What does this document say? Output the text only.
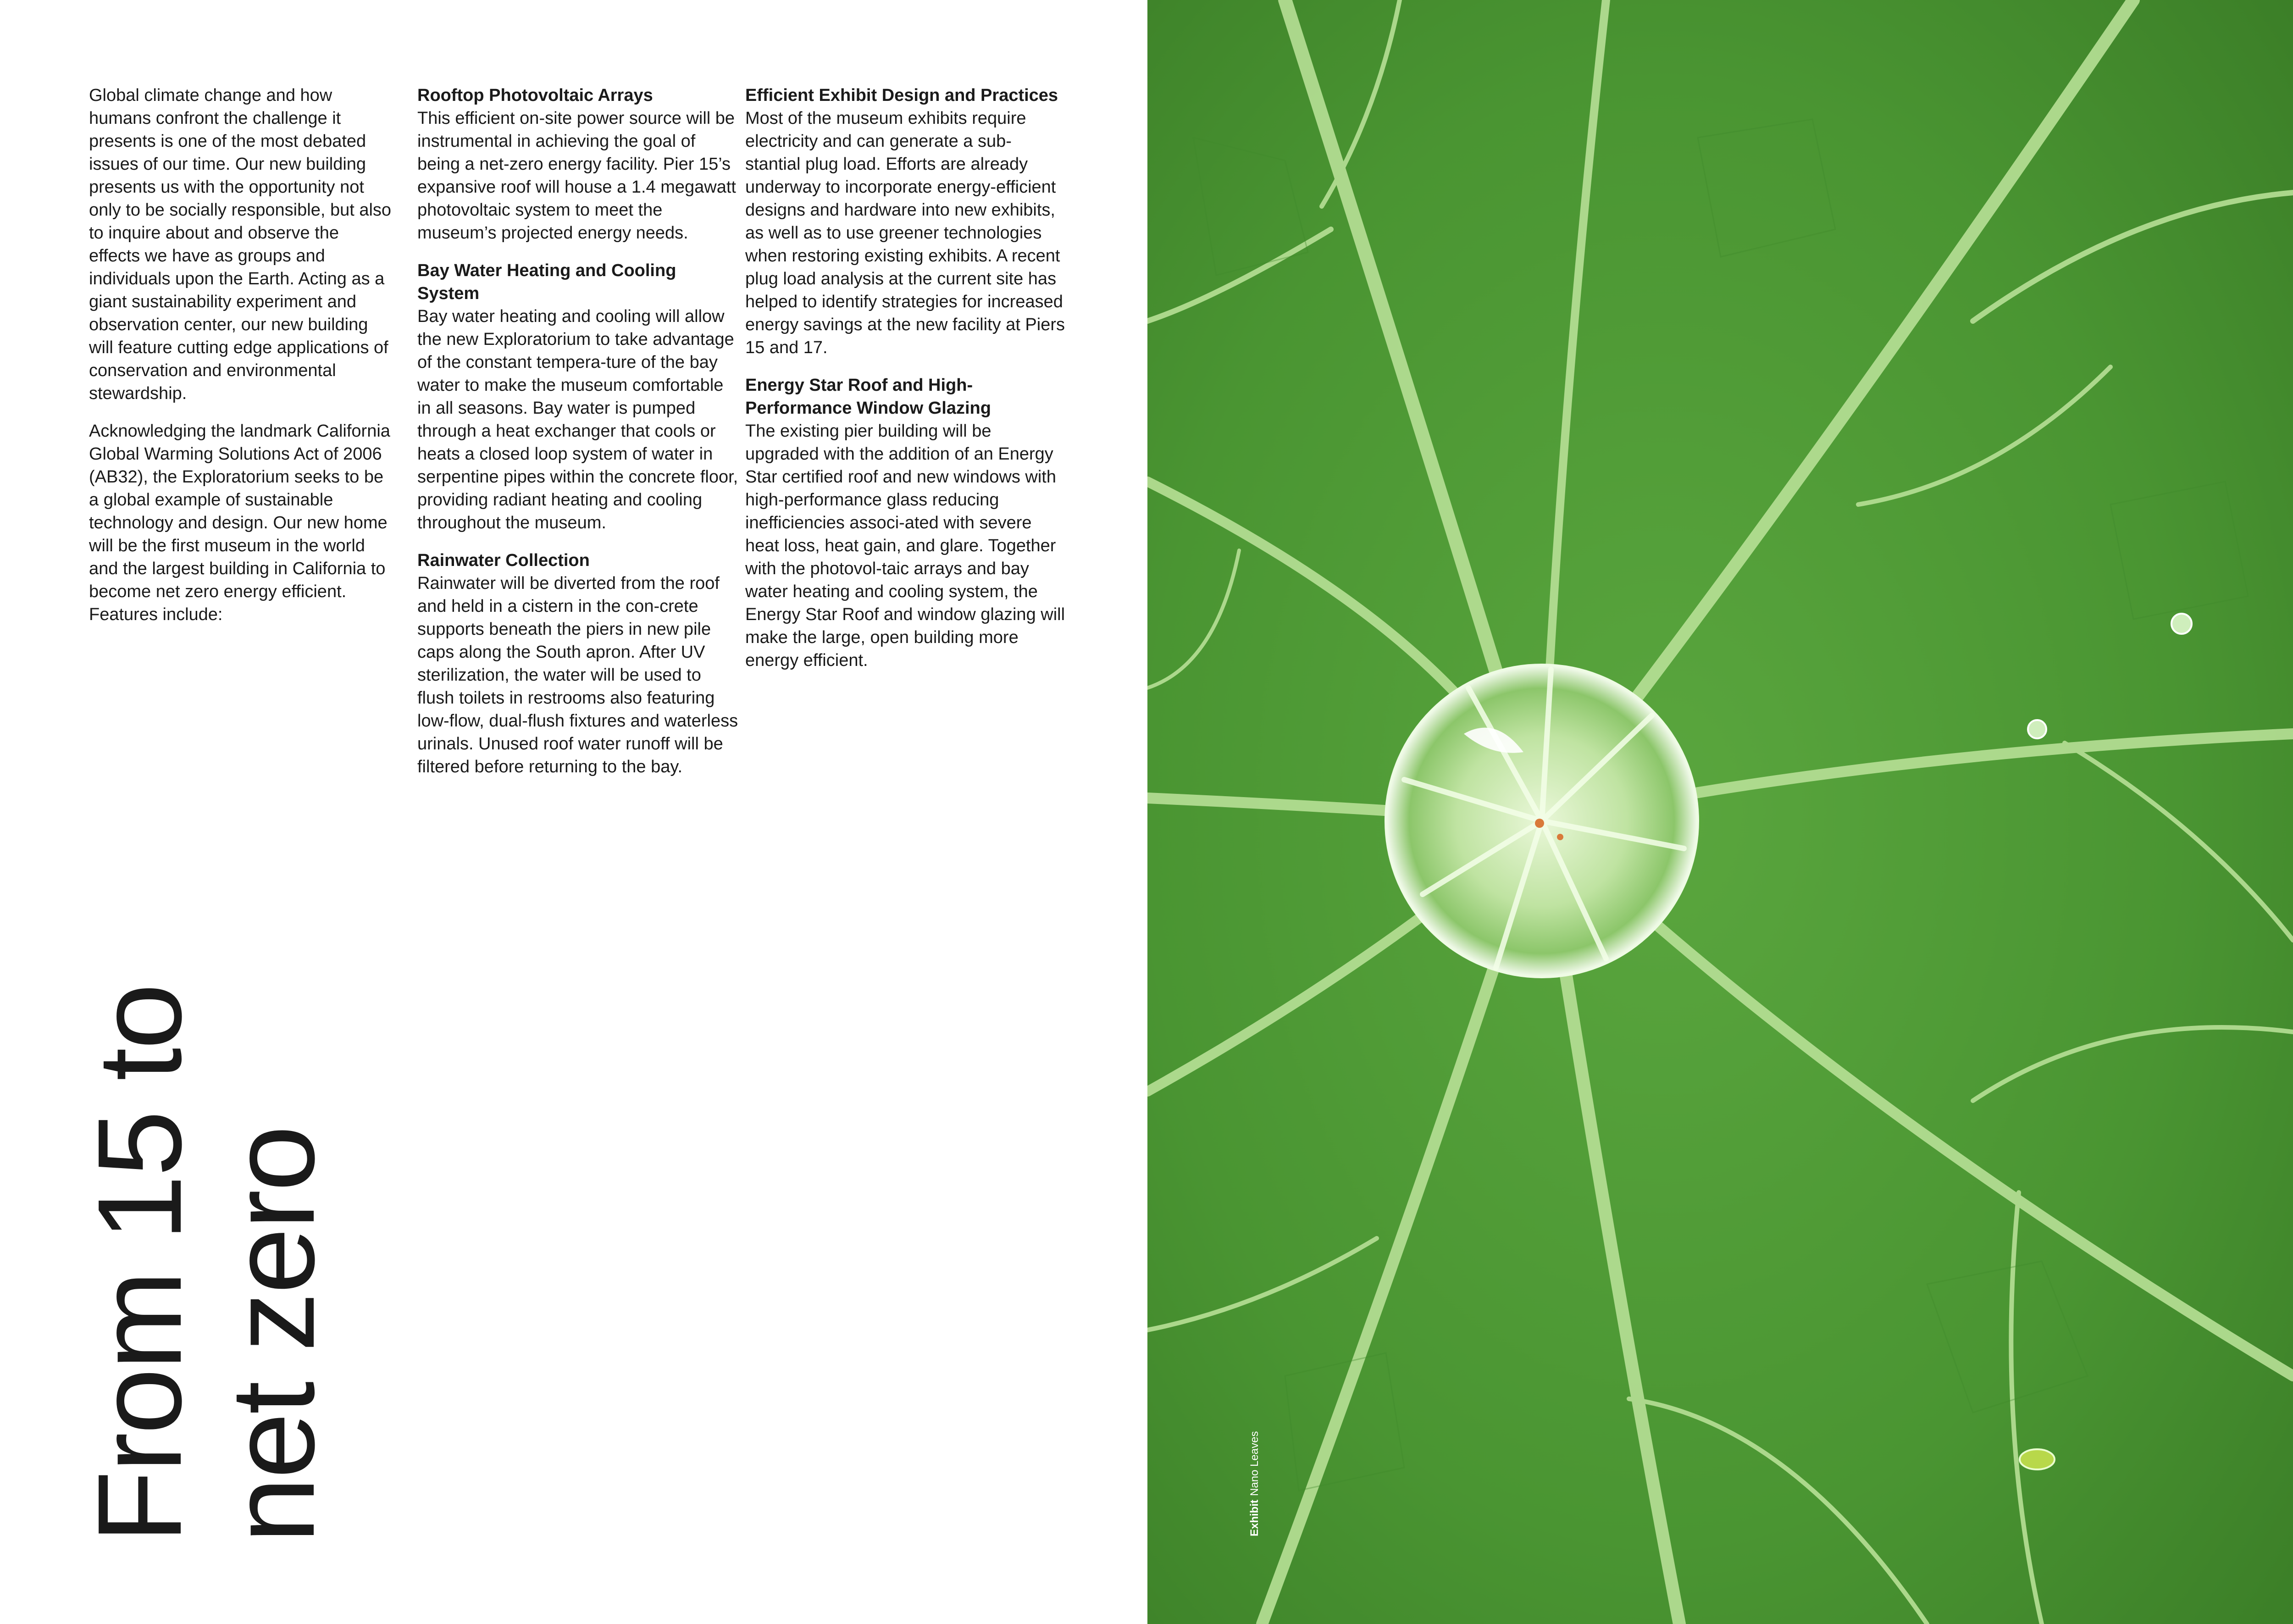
Global climate change and how humans confront the challenge it presents is one of the most debated issues of our time. Our new building presents us with the opportunity not only to be socially responsible, but also to inquire about and observe the effects we have as groups and individuals upon the Earth. Acting as a giant sustainability experiment and observation center, our new building will feature cutting edge applications of conservation and environmental stewardship.

Acknowledging the landmark California Global Warming Solutions Act of 2006 (AB32), the Exploratorium seeks to be a global example of sustainable technology and design. Our new home will be the first museum in the world and the largest building in California to become net zero energy efficient. Features include:

Rooftop Photovoltaic Arrays

This efficient on-site power source will be instrumental in achieving the goal of being a net-zero energy facility. Pier 15’s expansive roof will house a 1.4 megawatt photovoltaic system to meet the museum’s projected energy needs.

Bay Water Heating and Cooling System

Bay water heating and cooling will allow the new Exploratorium to take advantage of the constant tempera-ture of the bay water to make the museum comfortable in all seasons. Bay water is pumped through a heat exchanger that cools or heats a closed loop system of water in serpentine pipes within the concrete floor, providing radiant heating and cooling throughout the museum.

Rainwater Collection

Rainwater will be diverted from the roof and held in a cistern in the con-crete supports beneath the piers in new pile caps along the South apron. After UV sterilization, the water will be used to flush toilets in restrooms also featuring low-flow, dual-flush fixtures and waterless urinals. Unused roof water runoff will be filtered before returning to the bay.

Efficient Exhibit Design and Practices

Most of the museum exhibits require electricity and can generate a sub-stantial plug load. Efforts are already underway to incorporate energy-efficient designs and hardware into new exhibits, as well as to use greener technologies when restoring existing exhibits. A recent plug load analysis at the current site has helped to identify strategies for increased energy savings at the new facility at Piers 15 and 17.

Energy Star Roof and High-Performance Window Glazing

The existing pier building will be upgraded with the addition of an Energy Star certified roof and new windows with high-performance glass reducing inefficiencies associ-ated with severe heat loss, heat gain, and glare. Together with the photovol-taic arrays and bay water heating and cooling system, the Energy Star Roof and window glazing will make the large, open building more energy efficient.

From 15 to net zero	ExhibitNano Leaves
